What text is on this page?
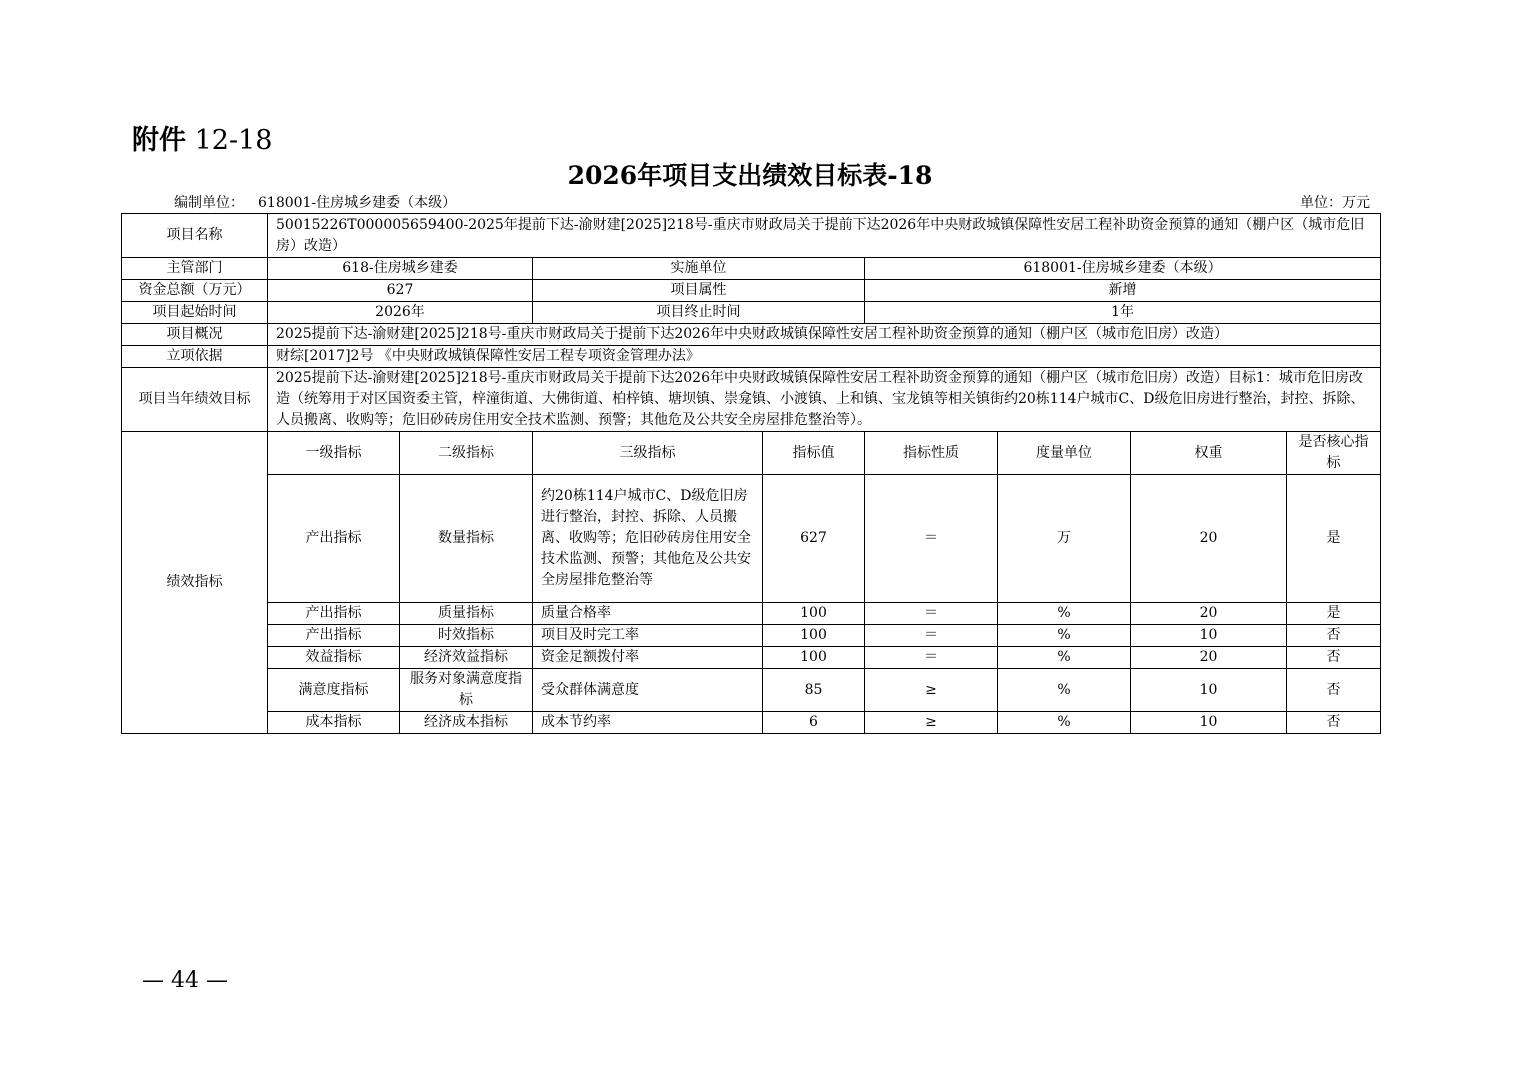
附件 12-18
2026年项目支出绩效目标表-18
编制单位： 618001-住房城乡建委（本级）	单位：万元
项目名称	50015226T000005659400-2025年提前下达-渝财建[2025]218号-重庆市财政局关于提前下达2026年中央财政城镇保障性安居工程补助资金预算的通知（棚户区（城市危旧房）改造）							
主管部门	618-住房城乡建委		实施单位		618001-住房城乡建委（本级）			
资金总额（万元）	627		项目属性		新增			
项目起始时间	2026年		项目终止时间		1年			
项目概况	2025提前下达-渝财建[2025]218号-重庆市财政局关于提前下达2026年中央财政城镇保障性安居工程补助资金预算的通知（棚户区（城市危旧房）改造）							
立项依据	财综[2017]2号 《中央财政城镇保障性安居工程专项资金管理办法》							
项目当年绩效目标	2025提前下达-渝财建[2025]218号-重庆市财政局关于提前下达2026年中央财政城镇保障性安居工程补助资金预算的通知（棚户区（城市危旧房）改造）目标1：城市危旧房改造（统筹用于对区国资委主管，梓潼街道、大佛街道、柏梓镇、塘坝镇、崇龛镇、小渡镇、上和镇、宝龙镇等相关镇街约20栋114户城市C、D级危旧房进行整治，封控、拆除、人员搬离、收购等；危旧砂砖房住用安全技术监测、预警；其他危及公共安全房屋排危整治等）。							
绩效指标	一级指标	二级指标	三级指标	指标值	指标性质	度量单位	权重	是否核心指标
	产出指标	数量指标	约20栋114户城市C、D级危旧房进行整治，封控、拆除、人员搬离、收购等；危旧砂砖房住用安全技术监测、预警；其他危及公共安全房屋排危整治等	627	＝	万	20	是
	产出指标	质量指标	质量合格率	100	＝	%	20	是
	产出指标	时效指标	项目及时完工率	100	＝	%	10	否
	效益指标	经济效益指标	资金足额拨付率	100	＝	%	20	否
	满意度指标	服务对象满意度指标	受众群体满意度	85	≥	%	10	否
	成本指标	经济成本指标	成本节约率	6	≥	%	10	否
— 44 —
